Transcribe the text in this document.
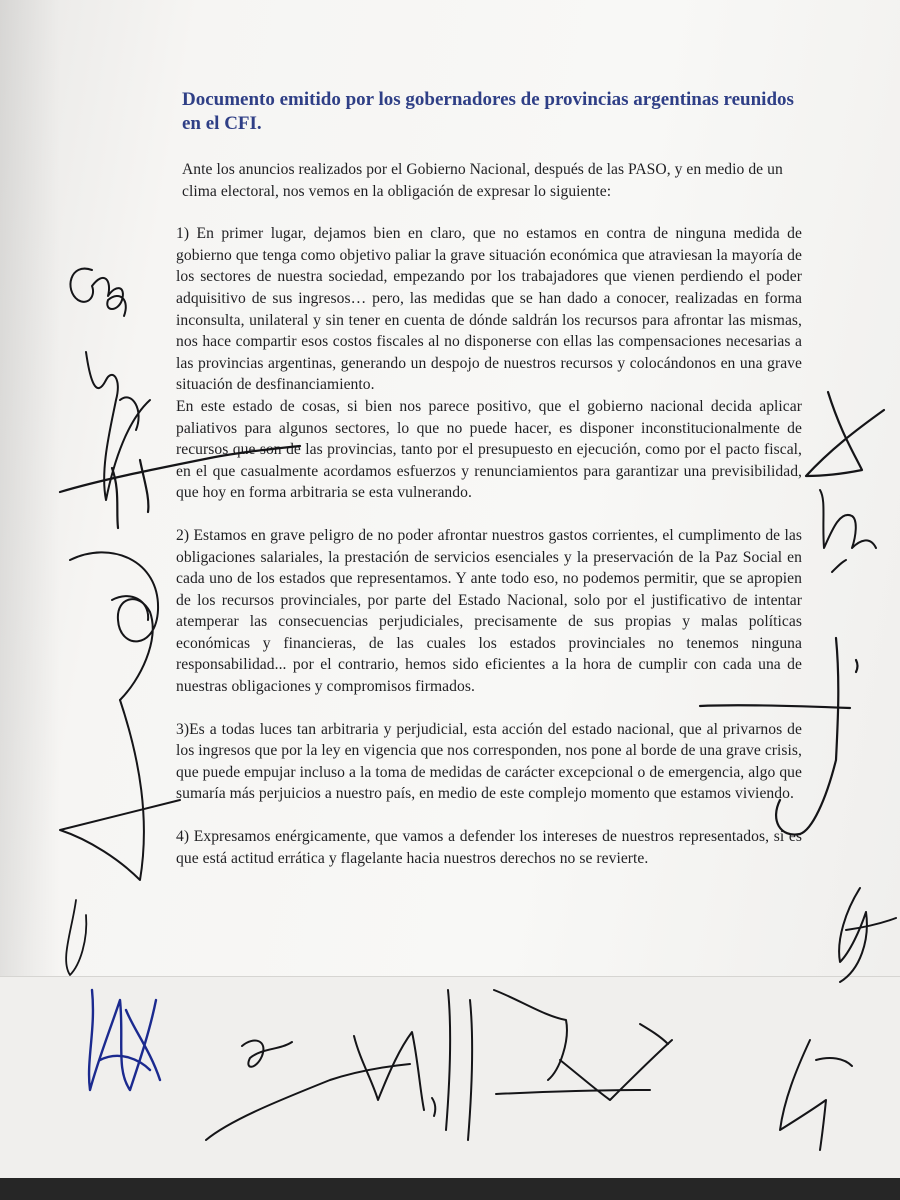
Documento emitido por los gobernadores de provincias argentinas reunidos en el CFI.

Ante los anuncios realizados por el Gobierno Nacional, después de las PASO, y en medio de un clima electoral, nos vemos en la obligación de expresar lo siguiente:

1) En primer lugar, dejamos bien en claro, que no estamos en contra de ninguna medida de gobierno que tenga como objetivo paliar la grave situación económica que atraviesan la mayoría de los sectores de nuestra sociedad, empezando por los trabajadores que vienen perdiendo el poder adquisitivo de sus ingresos… pero, las medidas que se han dado a conocer, realizadas en forma inconsulta, unilateral y sin tener en cuenta de dónde saldrán los recursos para afrontar las mismas, nos hace compartir esos costos fiscales al no disponerse con ellas las compensaciones necesarias a las provincias argentinas, generando un despojo de nuestros recursos y colocándonos en una grave situación de desfinanciamiento.

En este estado de cosas, si bien nos parece positivo, que el gobierno nacional decida aplicar paliativos para algunos sectores, lo que no puede hacer, es disponer inconstitucionalmente de recursos que son de las provincias, tanto por el presupuesto en ejecución, como por el pacto fiscal, en el que casualmente acordamos esfuerzos y renunciamientos para garantizar una previsibilidad, que hoy en forma arbitraria se esta vulnerando.

2) Estamos en grave peligro de no poder afrontar nuestros gastos corrientes, el cumplimento de las obligaciones salariales, la prestación de servicios esenciales y la preservación de la Paz Social en cada uno de los estados que representamos. Y ante todo eso, no podemos permitir, que se apropien de los recursos provinciales, por parte del Estado Nacional, solo por el justificativo de intentar atemperar las consecuencias perjudiciales, precisamente de sus propias y malas políticas económicas y financieras, de las cuales los estados provinciales no tenemos ninguna responsabilidad... por el contrario, hemos sido eficientes a la hora de cumplir con cada una de nuestras obligaciones y compromisos firmados.

3)Es a todas luces tan arbitraria y perjudicial, esta acción del estado nacional, que al privarnos de los ingresos que por la ley en vigencia que nos corresponden, nos pone al borde de una grave crisis, que puede empujar incluso a la toma de medidas de carácter excepcional o de emergencia, algo que sumaría más perjuicios a nuestro país, en medio de este complejo momento que estamos viviendo.

4) Expresamos enérgicamente, que vamos a defender los intereses de nuestros representados, si es que está actitud errática y flagelante hacia nuestros derechos no se revierte.
